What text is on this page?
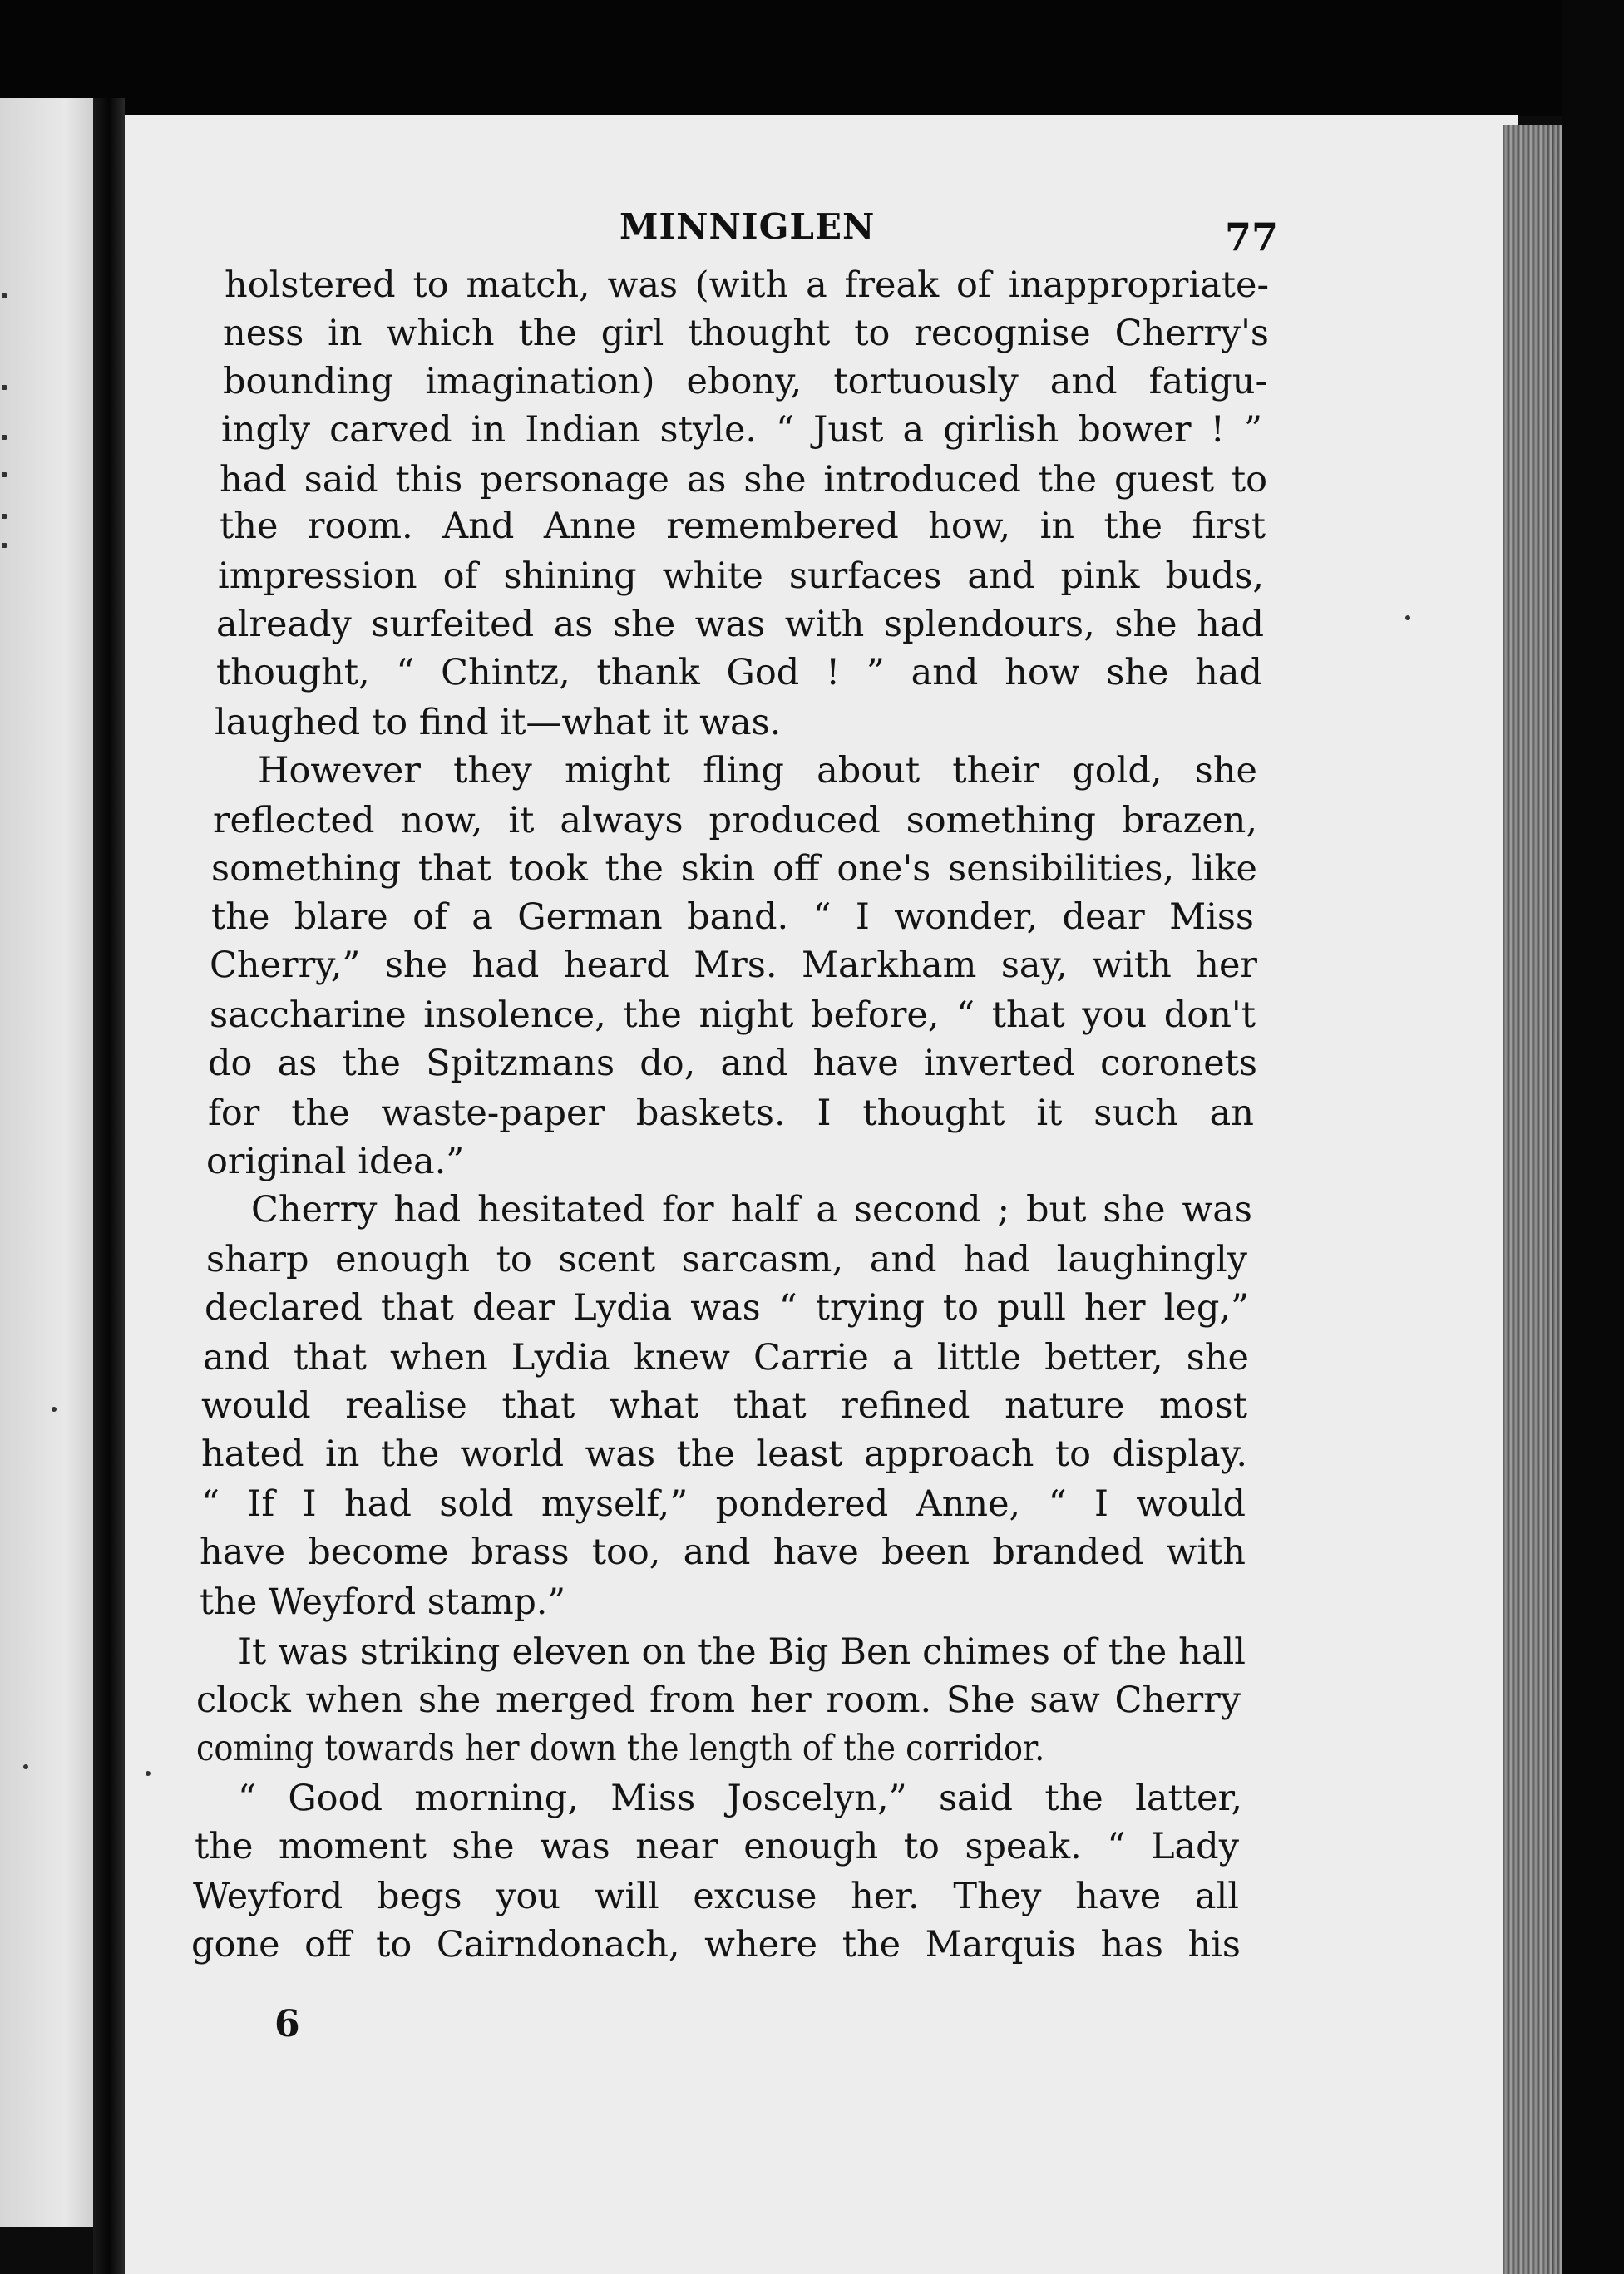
MINNIGLEN	77
holstered to match, was (with a freak of inappropriate-
ness in which the girl thought to recognise Cherry's
bounding imagination) ebony, tortuously and fatigu-
ingly carved in Indian style. “ Just a girlish bower ! ”
had said this personage as she introduced the guest to
the room. And Anne remembered how, in the first
impression of shining white surfaces and pink buds,
already surfeited as she was with splendours, she had
thought, “ Chintz, thank God ! ” and how she had
laughed to find it—what it was.
However they might fling about their gold, she
reflected now, it always produced something brazen,
something that took the skin off one's sensibilities, like
the blare of a German band. “ I wonder, dear Miss
Cherry,” she had heard Mrs. Markham say, with her
saccharine insolence, the night before, “ that you don't
do as the Spitzmans do, and have inverted coronets
for the waste-paper baskets. I thought it such an
original idea.”
Cherry had hesitated for half a second ; but she was
sharp enough to scent sarcasm, and had laughingly
declared that dear Lydia was “ trying to pull her leg,”
and that when Lydia knew Carrie a little better, she
would realise that what that refined nature most
hated in the world was the least approach to display.
“ If I had sold myself,” pondered Anne, “ I would
have become brass too, and have been branded with
the Weyford stamp.”
It was striking eleven on the Big Ben chimes of the hall
clock when she merged from her room. She saw Cherry
coming towards her down the length of the corridor.
“ Good morning, Miss Joscelyn,” said the latter,
the moment she was near enough to speak. “ Lady
Weyford begs you will excuse her. They have all
gone off to Cairndonach, where the Marquis has his
6
